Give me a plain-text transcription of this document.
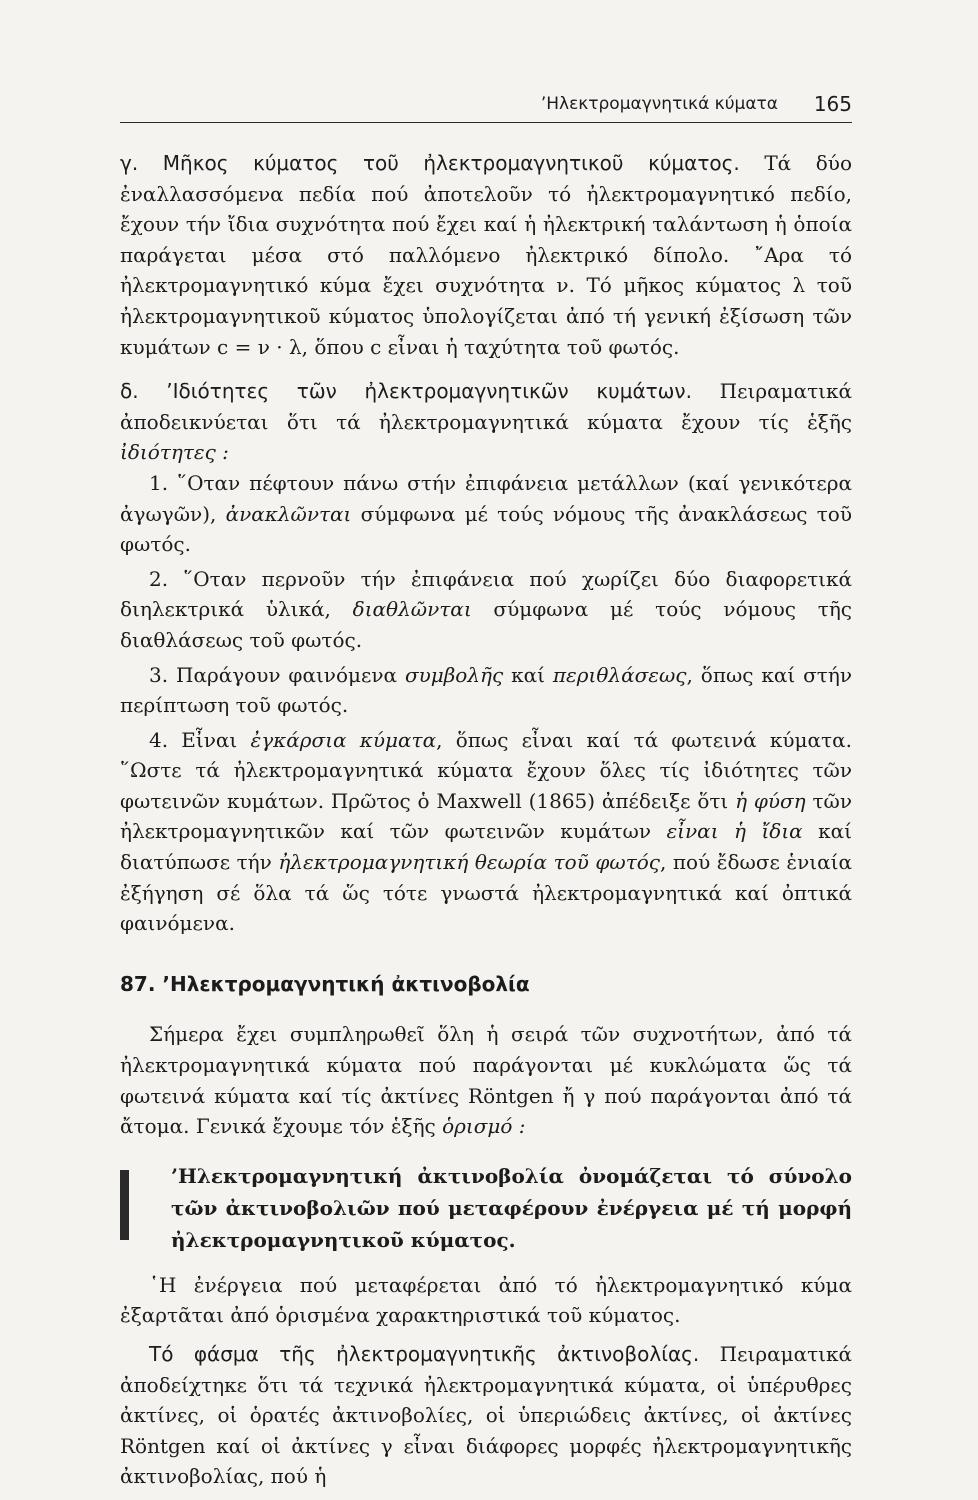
’Ηλεκτρομαγνητικά κύματα 165

γ. Μῆκος κύματος τοῦ ἠλεκτρομαγνητικοῦ κύματος. Τά δύο ἐναλλασσόμενα πεδία πού ἀποτελοῦν τό ἠλεκτρομαγνητικό πεδίο, ἔχουν τήν ἴδια συχνότητα πού ἔχει καί ἡ ἠλεκτρική ταλάντωση ἡ ὁποία παράγεται μέσα στό παλλόμενο ἠλεκτρικό δίπολο. ῎Αρα τό ἠλεκτρομαγνητικό κύμα ἔχει συχνότητα ν. Τό μῆκος κύματος λ τοῦ ἠλεκτρομαγνητικοῦ κύματος ὑπολογίζεται ἀπό τή γενική ἐξίσωση τῶν κυμάτων c = ν · λ, ὅπου c εἶναι ἡ ταχύτητα τοῦ φωτός.

δ. ’Ιδιότητες τῶν ἠλεκτρομαγνητικῶν κυμάτων. Πειραματικά ἀποδεικνύεται ὅτι τά ἠλεκτρομαγνητικά κύματα ἔχουν τίς ἑξῆς ἰδιότητες :

1. ῞Οταν πέφτουν πάνω στήν ἐπιφάνεια μετάλλων (καί γενικότερα ἀγωγῶν), ἀνακλῶνται σύμφωνα μέ τούς νόμους τῆς ἀνακλάσεως τοῦ φωτός.

2. ῞Οταν περνοῦν τήν ἐπιφάνεια πού χωρίζει δύο διαφορετικά διηλεκτρικά ὑλικά, διαθλῶνται σύμφωνα μέ τούς νόμους τῆς διαθλάσεως τοῦ φωτός.

3. Παράγουν φαινόμενα συμβολῆς καί περιθλάσεως, ὅπως καί στήν περίπτωση τοῦ φωτός.

4. Εἶναι ἐγκάρσια κύματα, ὅπως εἶναι καί τά φωτεινά κύματα. ῞Ωστε τά ἠλεκτρομαγνητικά κύματα ἔχουν ὅλες τίς ἰδιότητες τῶν φωτεινῶν κυμάτων. Πρῶτος ὁ Maxwell (1865) ἀπέδειξε ὅτι ἡ φύση τῶν ἠλεκτρομαγνητικῶν καί τῶν φωτεινῶν κυμάτων εἶναι ἡ ἴδια καί διατύπωσε τήν ἠλεκτρομαγνητική θεωρία τοῦ φωτός, πού ἔδωσε ἑνιαία ἐξήγηση σέ ὅλα τά ὥς τότε γνωστά ἠλεκτρομαγνητικά καί ὀπτικά φαινόμενα.

87. ’Ηλεκτρομαγνητική ἀκτινοβολία

Σήμερα ἔχει συμπληρωθεῖ ὅλη ἡ σειρά τῶν συχνοτήτων, ἀπό τά ἠλεκτρομαγνητικά κύματα πού παράγονται μέ κυκλώματα ὥς τά φωτεινά κύματα καί τίς ἀκτίνες Röntgen ἤ γ πού παράγονται ἀπό τά ἄτομα. Γενικά ἔχουμε τόν ἑξῆς ὁρισμό :

’Ηλεκτρομαγνητική ἀκτινοβολία ὀνομάζεται τό σύνολο τῶν ἀκτινοβολιῶν πού μεταφέρουν ἐνέργεια μέ τή μορφή ἠλεκτρομαγνητικοῦ κύματος.

῾Η ἐνέργεια πού μεταφέρεται ἀπό τό ἠλεκτρομαγνητικό κύμα ἐξαρτᾶται ἀπό ὁρισμένα χαρακτηριστικά τοῦ κύματος.

Τό φάσμα τῆς ἠλεκτρομαγνητικῆς ἀκτινοβολίας. Πειραματικά ἀποδείχτηκε ὅτι τά τεχνικά ἠλεκτρομαγνητικά κύματα, οἱ ὑπέρυθρες ἀκτίνες, οἱ ὁρατές ἀκτινοβολίες, οἱ ὑπεριώδεις ἀκτίνες, οἱ ἀκτίνες Röntgen καί οἱ ἀκτίνες γ εἶναι διάφορες μορφές ἠλεκτρομαγνητικῆς ἀκτινοβολίας, πού ἡ
